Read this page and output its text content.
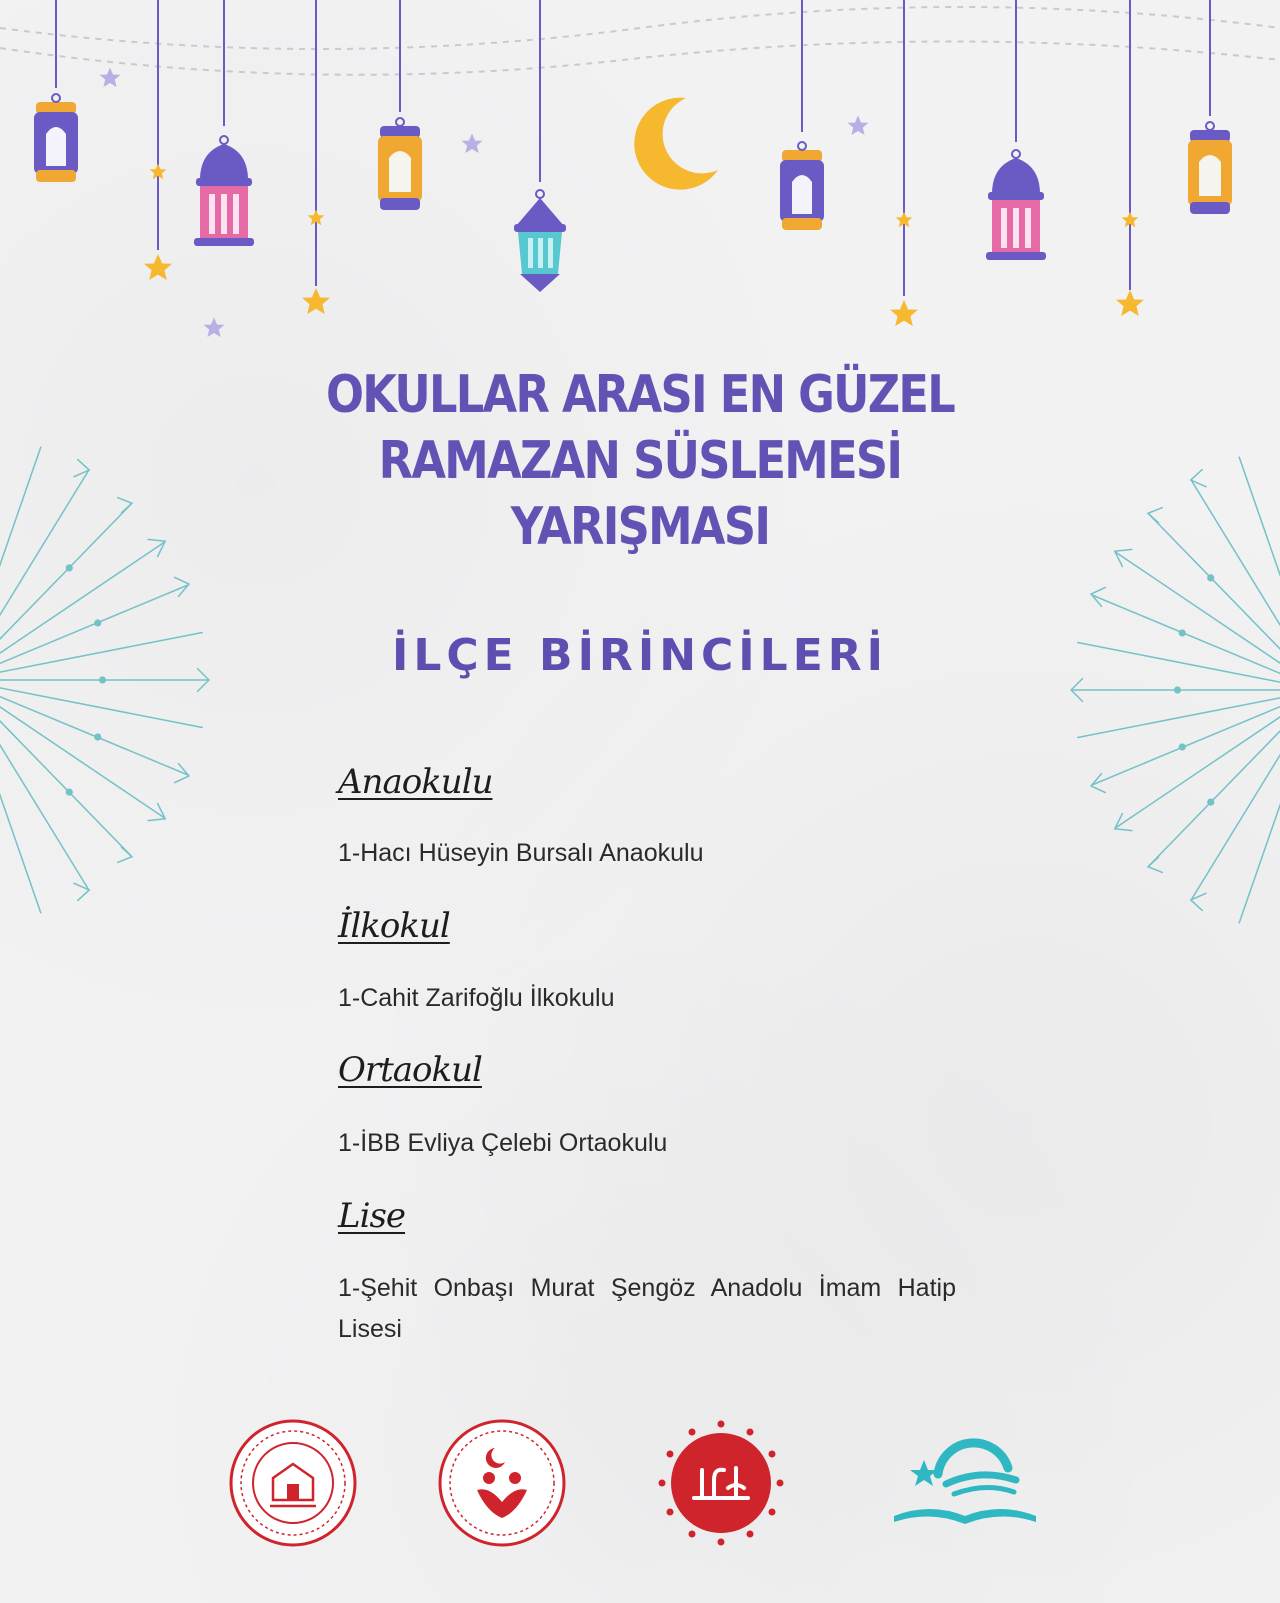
OKULLAR ARASI EN GÜZEL
RAMAZAN SÜSLEMESİ
YARIŞMASI
İLÇE BİRİNCİLERİ
Anaokulu
1-Hacı Hüseyin Bursalı Anaokulu
İlkokul
1-Cahit Zarifoğlu İlkokulu
Ortaokul
1-İBB Evliya Çelebi Ortaokulu
Lise
1-Şehit Onbaşı Murat Şengöz Anadolu İmam Hatip Lisesi
